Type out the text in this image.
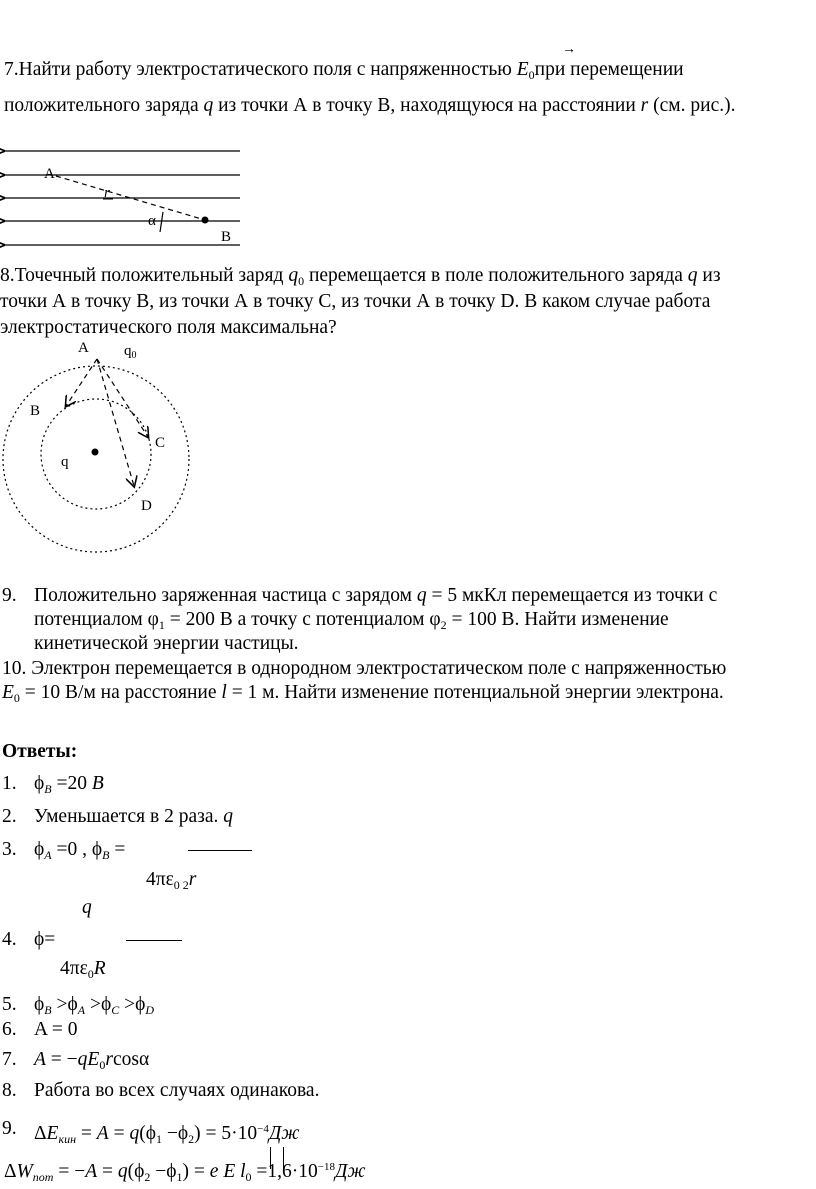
→
7.Найти работу электростатического поля с напряженностью $E_0при$ перемещении
положительного заряда q из точки А в точку В, находящуюся на расстоянии r (см. рис.).
A
r
α
B
8.Точечный положительный заряд $q_0$ перемещается в поле положительного заряда q из
точки А в точку В, из точки А в точку С, из точки А в точку D. В каком случае работа
электростатического поля максимальна?
A $q_0$
B
C
q
D
9. Положительно заряженная частица с зарядом q = 5 мкКл перемещается из точки с
потенциалом $\varphi_1 = 200$ В а точку с потенциалом $\varphi_2 = 100$ В. Найти изменение
кинетической энергии частицы.
10. Электрон перемещается в однородном электростатическом поле с напряженностью
$E_0 = 10$ В/м на расстояние l = 1 м. Найти изменение потенциальной энергии электрона.
Ответы:
1. $\phi_B =20$ B
2. Уменьшается в 2 раза. q
3. $\phi_A =0$ , $\phi_B$ =
$4\pi\varepsilon_{0 2}r$
q
4. ϕ=
$4\pi\varepsilon_0R$
5. $\phi_B >\phi_A >\phi_C >\phi_D$
6. A = 0
7. $A = -qE_0rcos\alpha$
8. Работа во всех случаях одинакова.
9. $\Delta E_{кин} = A = q(\phi_1 -\phi_2) = 5\cdot 10^{-4}Дж$
$\Delta W_{пот} = -A = q(\phi_2 -\phi_1) = e$ E $l_0 =1,6\cdot 10^{-18}Дж$
